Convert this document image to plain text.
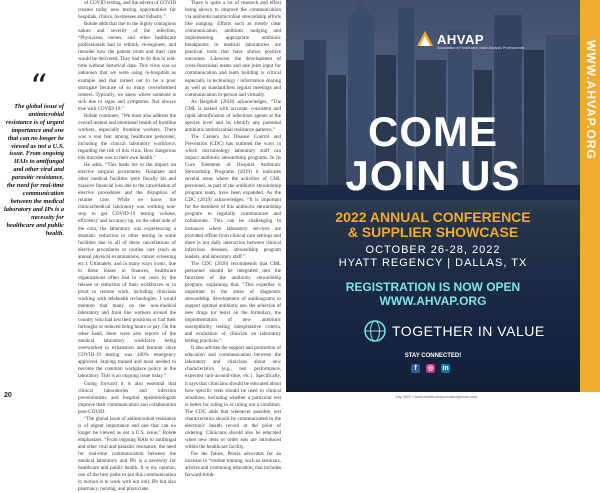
“
The global issue of antimicrobial resistance is of urgent importance and one that can no longer be viewed as not a U.S. issue. From ongoing HAIs to antifungal and other viral and parasitic resistance, the need for real-time communication between the medical laboratory and IPs is a necessity for healthcare and public health.

of COVID testing, and the advent of COVID created today new testing opportunities for hospitals, clinics, businesses and industry.”

Rohde adds that due to the highly contagious nature and severity of the infection, “Physicians, nurses, and other healthcare professionals had to rethink, re-engineer, and remodel how the patient room and their care would be delivered. They had to do this in real-time without historical data. This virus was so unknown that we were using in-hospitals as example and that turned out to be a poor surrogate because of so many overwhelmed centers. Typically, we knew where someone is sick due to signs and symptoms. Not always true with COVID-19.”

Rohde continues, “We must also address the overall mental and emotional health of frontline workers, especially frontline workers. There was a real fear among healthcare personnel, including the clinical laboratory workforce, regarding the risk of this virus. How dangerous this microbe was to their own health.”

He adds, “This leads me to the impact on elective surgical procedures. Hospitals and other medical facilities were fiscally hit and massive financial loss due to the cancellation of elective procedures and the disruption of routine care. While we know the clinical/medical laboratory was working non-stop to get COVID-19 testing volume, efficiency and accuracy up, on the other side of the coin, the laboratory was experiencing a dramatic reduction in other testing in some facilities due to all of these cancellations of elective procedures or routine care (such as annual physical examinations, cancer screening etc.). Ultimately, and in many ways ironic, due to these losses in finances, healthcare organizations often had to cut costs by the release or reduction of their workforces or in pivot to remote work, including clinicians working with telehealth technologies. I would mention that many on the non-medical laboratory and front line workers around the country who had lost their positions or had their furloughs or reduced being hours or pay. On the other hand, there were also reports of the medical laboratory workforce being overworked to exhaustion and burnout since COVID-19 testing was 100% emergency approved. Staying trained and most needed to become the common workplace policy in the laboratory. This is an ongoing issue today.”

Going forward it is also essential that clinical laboratories and infection preventionists and hospital epidemiologists improve their communication and collaboration post-COVID.

“The global issue of antimicrobial resistance is of urgent importance and one that can no longer be viewed as not a U.S. issue,” Rohde emphasizes. “From ongoing HAIs to antifungal and other viral and parasitic resistance, the need for real-time communication between the medical laboratory and IPs is a necessity for healthcare and public health. It is my opinion, one of the best paths to put this communication in motion is to work with not only IPs but also pharmacy, nursing, and physicians.

There is quite a lot of research and effort being shown to improve the communication via antibiotic/antimicrobial stewardship efforts like nudging. Efforts such as timely clear communication, antibiotic nudging and implementing appropriate antibiotic breakpoints in medical laboratories are practical tools that have shown positive outcomes. Likewise, the development of cross-functional teams and one joint input for communication and team building is critical especially in technology / information sharing as well as standard/best regular meetings and communication in-person and virtually.

As Bergdolt (2018) acknowledges, “The CML is tasked with accurate, consistent and rapid identification of infectious agents at the species level and its identify any potential antibiotic/antimicrobial resistance patterns.”

The Centers for Disease Control and Prevention (CDC) has outlined the ways in which microbiology laboratory staff can impact antibiotic stewardship programs. In its Core Elements of Hospital Antibiotic Stewardship Programs (2019) it indicates several areas where the activities of CML personnel, as part of the antibiotic stewardship program team, have been expanded. As the CDC (2019) acknowledges, “It is important for the members of this antibiotic stewardship program to regularly communicate and collaborate. This can be challenging in instances where laboratory services are provided offsite from clinical care settings and there is not daily interaction between clinical infectious diseases, stewardship program leaders, and laboratory staff.”

The CDC (2020) recommends that CML personnel should be integrated into the functions of the antibiotic stewardship program, explaining that, “This expertise is important in the areas of diagnostic stewardship, development of antibiograms to support optimal antibiotic use, the selection of new drugs (or tests) on the formulary, the implementation of new antibiotic susceptibility testing interpretative criteria, and evaluation of clinician on laboratory testing practices.”

It also advises the support and promotion of education and communication between the laboratory and clinicians about new characteristics (e.g., test performance, expected turn-around-time, etc.). Specifically, it says that clinicians should be educated about how specific tests should be used in clinical situations, including whether a particular test is better for ruling in or ruling out a condition. The CDC adds that whenever possible, test characteristics should be communicated in the electronic health record at the point of ordering. Clinicians should also be educated when new tests or order sets are introduced within the healthcare facility.

For the future, Peoria advocates for an increase in “routine training, such as seminars, articles and continuing education, that includes forward-think-

20
AHVAP
Association of Healthcare Value Analysis Professionals
COME
JOIN US
2022 ANNUAL CONFERENCE
& SUPPLIER SHOWCASE
OCTOBER 26-28, 2022
HYATT REGENCY | DALLAS, TX
REGISTRATION IS NOW OPEN
WWW.AHVAP.ORG
TOGETHER IN VALUE
STAY CONNECTED!
f	◎ in
WWW.AHVAP.ORG
July 2022 • www.healthcarepurchasingnews.com
